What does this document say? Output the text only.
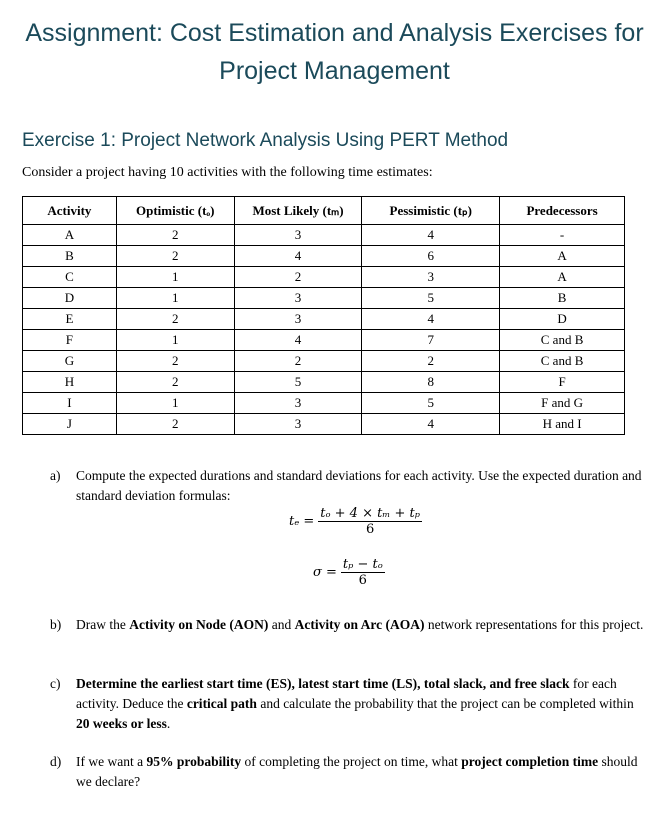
Assignment: Cost Estimation and Analysis Exercises for Project Management
Exercise 1: Project Network Analysis Using PERT Method
Consider a project having 10 activities with the following time estimates:
Activity	Optimistic (tₒ)	Most Likely (tₘ)	Pessimistic (tₚ)	Predecessors
A	2	3	4	-
B	2	4	6	A
C	1	2	3	A
D	1	3	5	B
E	2	3	4	D
F	1	4	7	C and B
G	2	2	2	C and B
H	2	5	8	F
I	1	3	5	F and G
J	2	3	4	H and I
a) Compute the expected durations and standard deviations for each activity. Use the expected duration and standard deviation formulas:
$t_e = \frac{\text{tₒ + 4 × tₘ + tₚ}}{6}$
$\sigma = \frac{\text{tₚ − tₒ}}{6}$
b) Draw the Activity on Node (AON) and Activity on Arc (AOA) network representations for this project.
c) Determine the earliest start time (ES), latest start time (LS), total slack, and free slack for each activity. Deduce the critical path and calculate the probability that the project can be completed within 20 weeks or less.
d) If we want a 95% probability of completing the project on time, what project completion time should we declare?
